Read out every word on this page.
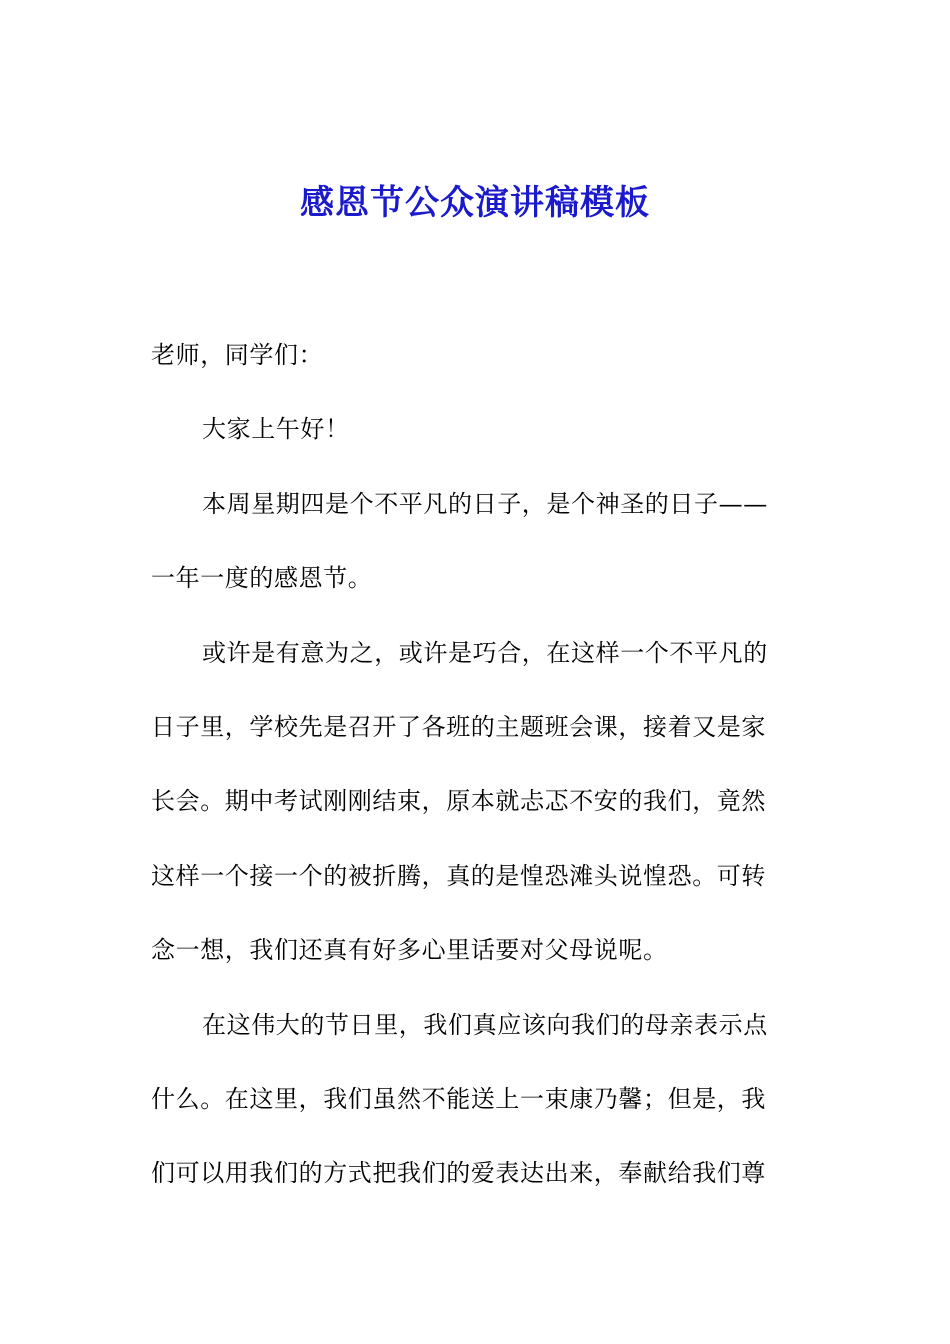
感恩节公众演讲稿模板
老师，同学们：
大家上午好！
本周星期四是个不平凡的日子，是个神圣的日子——
一年一度的感恩节。
或许是有意为之，或许是巧合，在这样一个不平凡的
日子里，学校先是召开了各班的主题班会课，接着又是家
长会。期中考试刚刚结束，原本就忐忑不安的我们，竟然
这样一个接一个的被折腾，真的是惶恐滩头说惶恐。可转
念一想，我们还真有好多心里话要对父母说呢。
在这伟大的节日里，我们真应该向我们的母亲表示点
什么。在这里，我们虽然不能送上一束康乃馨；但是，我
们可以用我们的方式把我们的爱表达出来，奉献给我们尊
